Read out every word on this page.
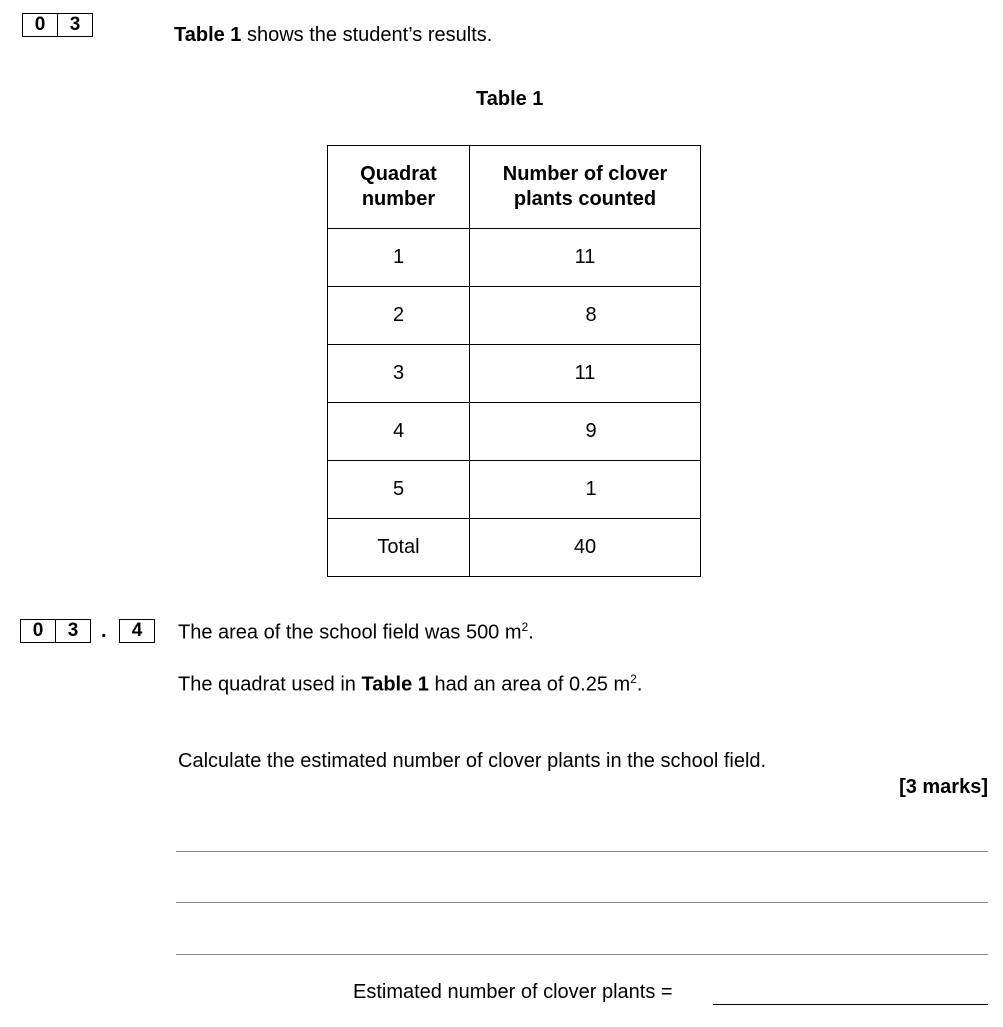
0	3	Table 1 shows the student’s results.
Table 1
Quadrat number	Number of clover plants counted
1	11
2	8
3	11
4	9
5	1
Total	40
0	3	.	4	The area of the school field was 500 $m^2$.
The quadrat used in Table 1 had an area of 0.25 $m^2$.
Calculate the estimated number of clover plants in the school field.
[3 marks]
Estimated number of clover plants =
